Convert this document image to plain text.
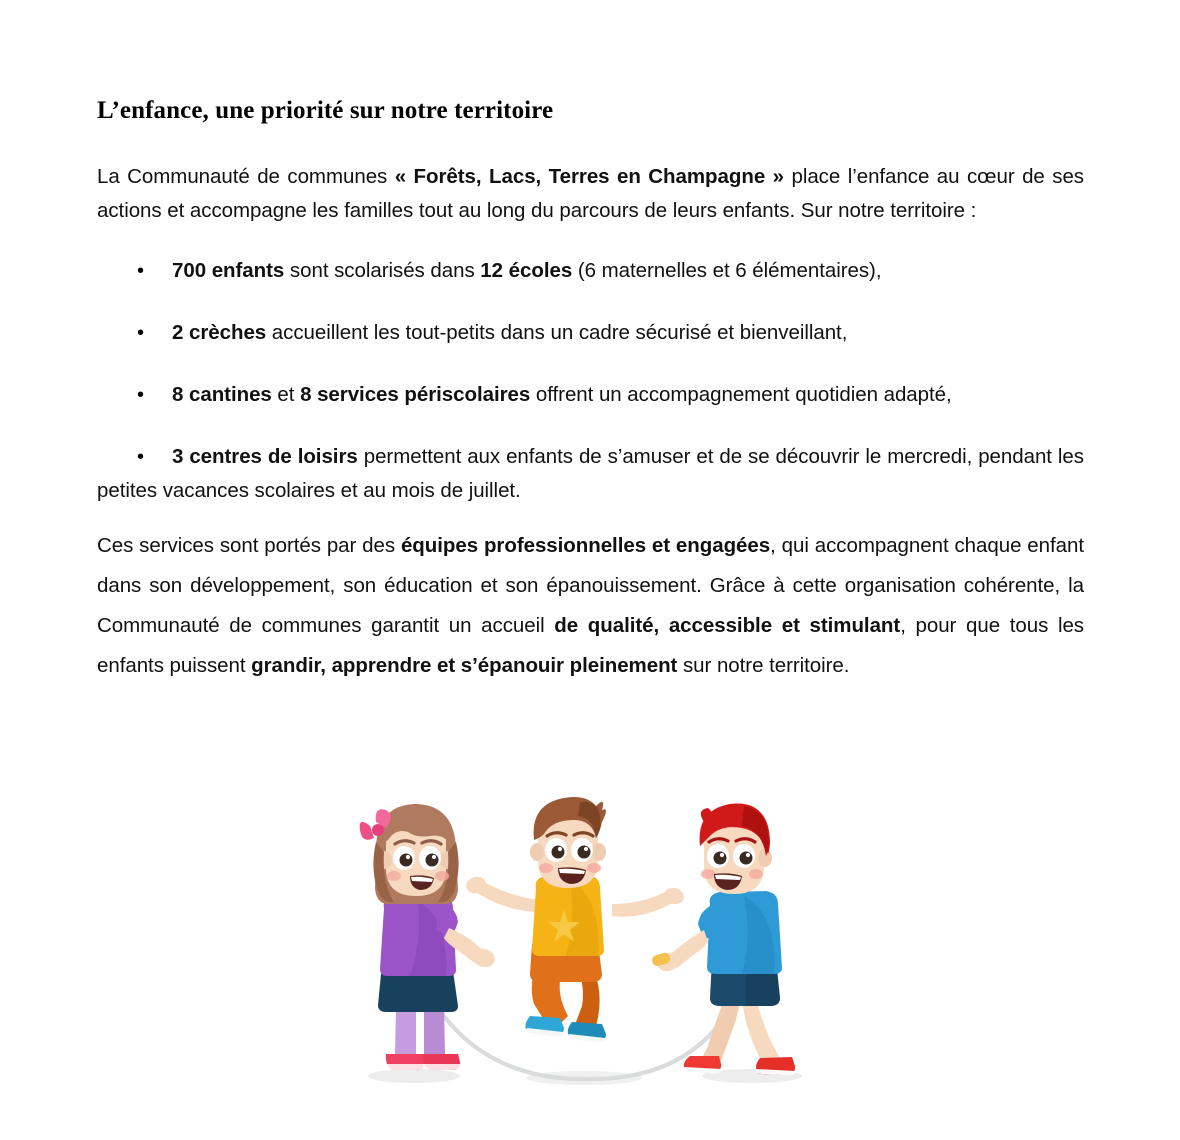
L’enfance, une priorité sur notre territoire

La Communauté de communes « Forêts, Lacs, Terres en Champagne » place l’enfance au cœur de ses actions et accompagne les familles tout au long du parcours de leurs enfants. Sur notre territoire :

•	700 enfants sont scolarisés dans 12 écoles (6 maternelles et 6 élémentaires),
•	2 crèches accueillent les tout-petits dans un cadre sécurisé et bienveillant,
•	8 cantines et 8 services périscolaires offrent un accompagnement quotidien adapté,
•	3 centres de loisirs permettent aux enfants de s’amuser et de se découvrir le mercredi, pendant les petites vacances scolaires et au mois de juillet.

Ces services sont portés par des équipes professionnelles et engagées, qui accompagnent chaque enfant dans son développement, son éducation et son épanouissement. Grâce à cette organisation cohérente, la Communauté de communes garantit un accueil de qualité, accessible et stimulant, pour que tous les enfants puissent grandir, apprendre et s’épanouir pleinement sur notre territoire.
